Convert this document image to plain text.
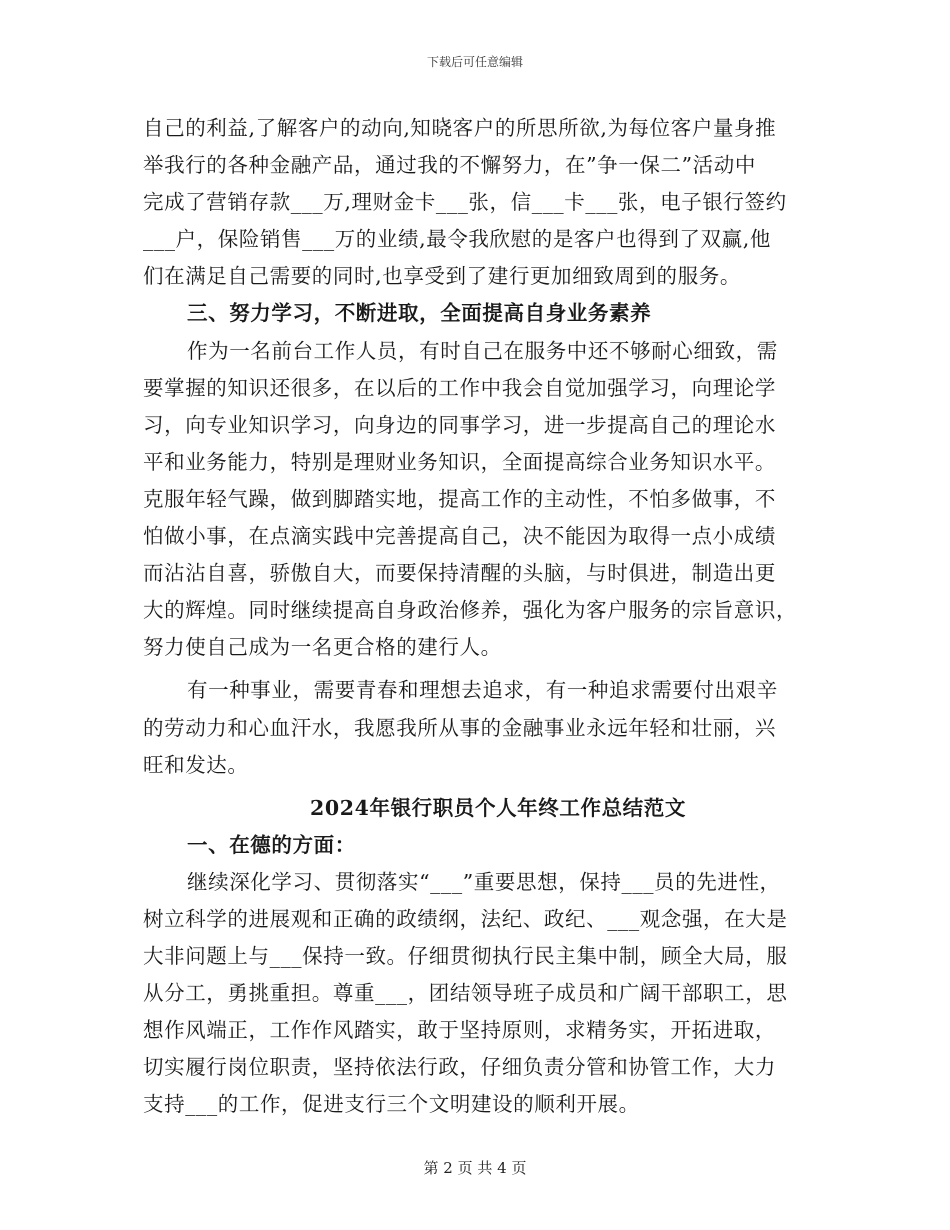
下载后可任意编辑
自己的利益,了解客户的动向,知晓客户的所思所欲,为每位客户量身推
举我行的各种金融产品，通过我的不懈努力，在”争一保二”活动中
完成了营销存款___万,理财金卡___张，信___卡___张，电子银行签约
___户，保险销售___万的业绩,最令我欣慰的是客户也得到了双赢,他
们在满足自己需要的同时,也享受到了建行更加细致周到的服务。
三、努力学习，不断进取，全面提高自身业务素养
作为一名前台工作人员，有时自己在服务中还不够耐心细致，需
要掌握的知识还很多，在以后的工作中我会自觉加强学习，向理论学
习，向专业知识学习，向身边的同事学习，进一步提高自己的理论水
平和业务能力，特别是理财业务知识，全面提高综合业务知识水平。
克服年轻气躁，做到脚踏实地，提高工作的主动性，不怕多做事，不
怕做小事，在点滴实践中完善提高自己，决不能因为取得一点小成绩
而沾沾自喜，骄傲自大，而要保持清醒的头脑，与时俱进，制造出更
大的辉煌。同时继续提高自身政治修养，强化为客户服务的宗旨意识，
努力使自己成为一名更合格的建行人。
有一种事业，需要青春和理想去追求，有一种追求需要付出艰辛
的劳动力和心血汗水，我愿我所从事的金融事业永远年轻和壮丽，兴
旺和发达。
2024年银行职员个人年终工作总结范文
一、在德的方面：
继续深化学习、贯彻落实“___”重要思想，保持___员的先进性，
树立科学的进展观和正确的政绩纲，法纪、政纪、___观念强，在大是
大非问题上与___保持一致。仔细贯彻执行民主集中制，顾全大局，服
从分工，勇挑重担。尊重___，团结领导班子成员和广阔干部职工，思
想作风端正，工作作风踏实，敢于坚持原则，求精务实，开拓进取，
切实履行岗位职责，坚持依法行政，仔细负责分管和协管工作，大力
支持___的工作，促进支行三个文明建设的顺利开展。
第 2 页 共 4 页
